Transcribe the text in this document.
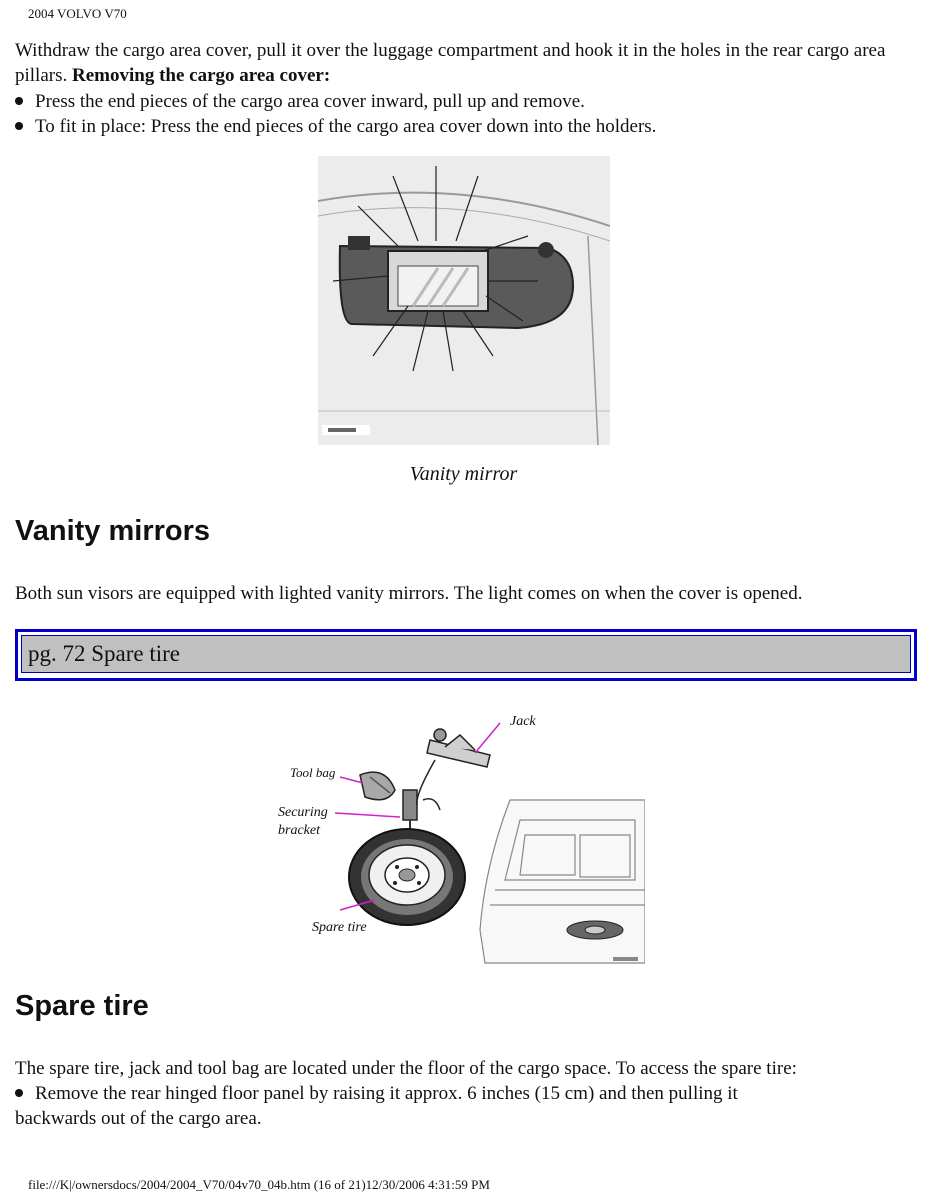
2004 VOLVO V70
Withdraw the cargo area cover, pull it over the luggage compartment and hook it in the holes in the rear cargo area pillars. Removing the cargo area cover:
Press the end pieces of the cargo area cover inward, pull up and remove.
To fit in place: Press the end pieces of the cargo area cover down into the holders.
Vanity mirror
Vanity mirrors
Both sun visors are equipped with lighted vanity mirrors. The light comes on when the cover is opened.
pg. 72 Spare tire
Jack
Tool bag
Securing
bracket
Spare tire
Spare tire
The spare tire, jack and tool bag are located under the floor of the cargo space. To access the spare tire:
Remove the rear hinged floor panel by raising it approx. 6 inches (15 cm) and then pulling it
backwards out of the cargo area.
file:///K|/ownersdocs/2004/2004_V70/04v70_04b.htm (16 of 21)12/30/2006 4:31:59 PM
